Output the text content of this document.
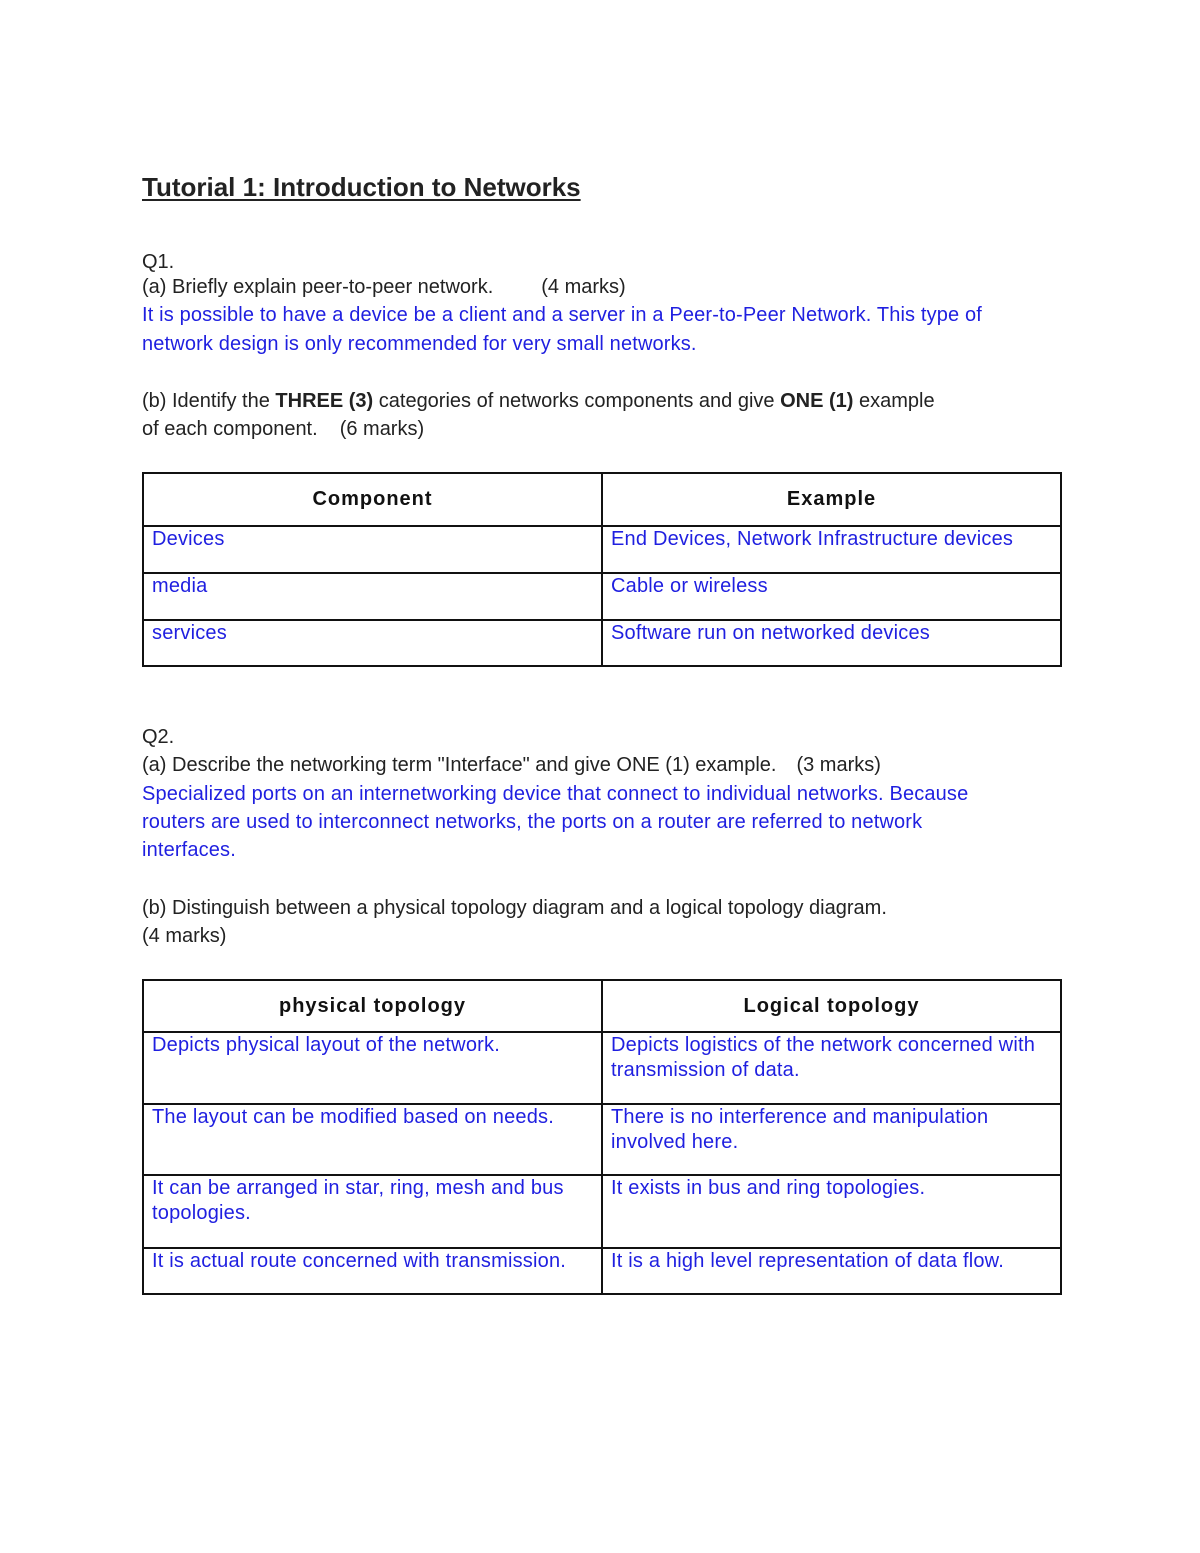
Tutorial 1: Introduction to Networks
Q1.
(a) Briefly explain peer-to-peer network. (4 marks)
It is possible to have a device be a client and a server in a Peer-to-Peer Network. This type of
network design is only recommended for very small networks.
(b) Identify the THREE (3) categories of networks components and give ONE (1) example
of each component. (6 marks)
Component	Example
Devices	End Devices, Network Infrastructure devices
media	Cable or wireless
services	Software run on networked devices
Q2.
(a) Describe the networking term "Interface" and give ONE (1) example. (3 marks)
Specialized ports on an internetworking device that connect to individual networks. Because
routers are used to interconnect networks, the ports on a router are referred to network
interfaces.
(b) Distinguish between a physical topology diagram and a logical topology diagram.
(4 marks)
physical topology	Logical topology
Depicts physical layout of the network.	Depicts logistics of the network concerned with transmission of data.
The layout can be modified based on needs.	There is no interference and manipulation involved here.
It can be arranged in star, ring, mesh and bus topologies.	It exists in bus and ring topologies.
It is actual route concerned with transmission.	It is a high level representation of data flow.
